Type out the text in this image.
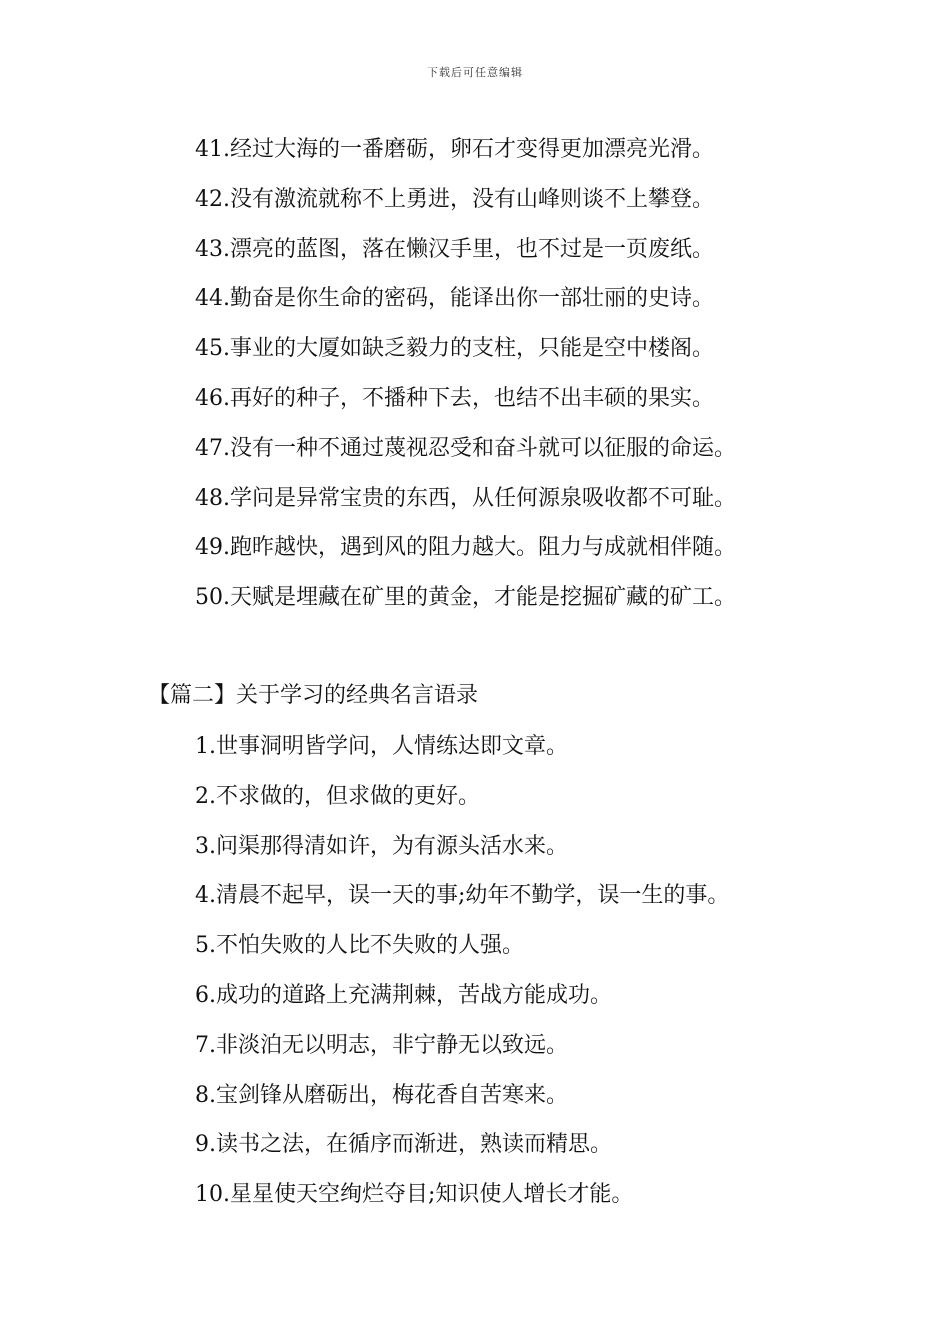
下载后可任意编辑
41.经过大海的一番磨砺，卵石才变得更加漂亮光滑。
42.没有激流就称不上勇进，没有山峰则谈不上攀登。
43.漂亮的蓝图，落在懒汉手里，也不过是一页废纸。
44.勤奋是你生命的密码，能译出你一部壮丽的史诗。
45.事业的大厦如缺乏毅力的支柱，只能是空中楼阁。
46.再好的种子，不播种下去，也结不出丰硕的果实。
47.没有一种不通过蔑视忍受和奋斗就可以征服的命运。
48.学问是异常宝贵的东西，从任何源泉吸收都不可耻。
49.跑昨越快，遇到风的阻力越大。阻力与成就相伴随。
50.天赋是埋藏在矿里的黄金，才能是挖掘矿藏的矿工。
【篇二】关于学习的经典名言语录
1.世事洞明皆学问，人情练达即文章。
2.不求做的，但求做的更好。
3.问渠那得清如许，为有源头活水来。
4.清晨不起早，误一天的事;幼年不勤学，误一生的事。
5.不怕失败的人比不失败的人强。
6.成功的道路上充满荆棘，苦战方能成功。
7.非淡泊无以明志，非宁静无以致远。
8.宝剑锋从磨砺出，梅花香自苦寒来。
9.读书之法，在循序而渐进，熟读而精思。
10.星星使天空绚烂夺目;知识使人增长才能。
